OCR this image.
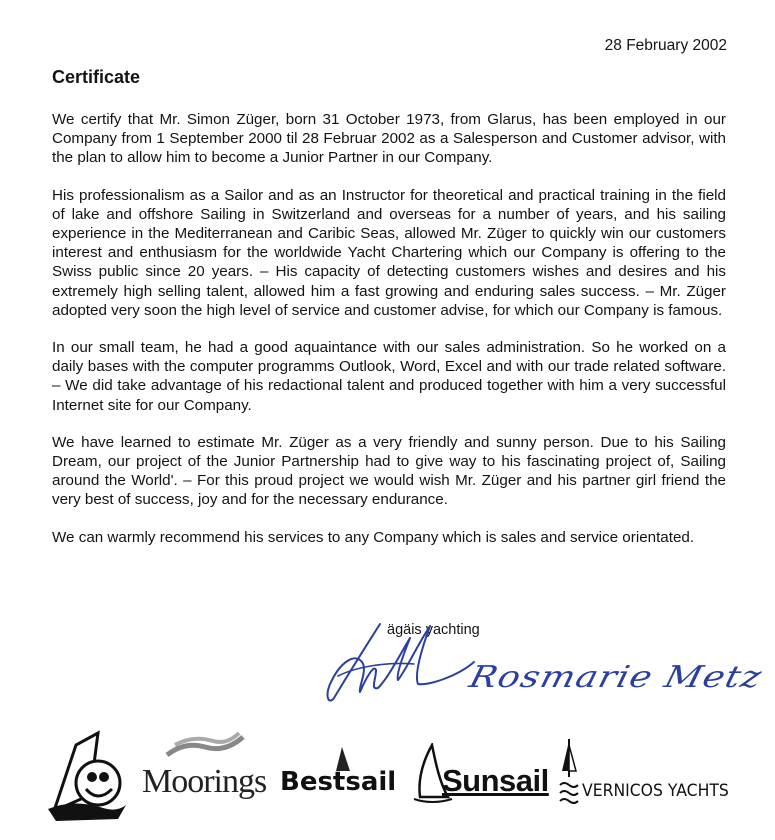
28 February 2002
Certificate

We certify that Mr. Simon Züger, born 31 October 1973, from Glarus, has been employed in our Company from 1 September 2000 til 28 Februar 2002 as a Salesperson and Customer advisor, with the plan to allow him to become a Junior Partner in our Company.

His professionalism as a Sailor and as an Instructor for theoretical and practical training in the field of lake and offshore Sailing in Switzerland and overseas for a number of years, and his sailing experience in the Mediterranean and Caribic Seas, allowed Mr. Züger to quickly win our customers interest and enthusiasm for the worldwide Yacht Chartering which our Company is offering to the Swiss public since 20 years. – His capacity of detecting customers wishes and desires and his extremely high selling talent, allowed him a fast growing and enduring sales success. – Mr. Züger adopted very soon the high level of service and customer advise, for which our Company is famous.

In our small team, he had a good aquaintance with our sales administration. So he worked on a daily bases with the computer programms Outlook, Word, Excel and with our trade related software. – We did take advantage of his redactional talent and produced together with him a very successful Internet site for our Company.

We have learned to estimate Mr. Züger as a very friendly and sunny person. Due to his Sailing Dream, our project of the Junior Partnership had to give way to his fascinating project of, Sailing around the World'. – For this proud project we would wish Mr. Züger and his partner girl friend the very best of success, joy and for the necessary endurance.

We can warmly recommend his services to any Company which is sales and service orientated.

ägäis yachting
Rosmarie Metz
Moorings Bestsail Sunsail VERNICOS YACHTS
